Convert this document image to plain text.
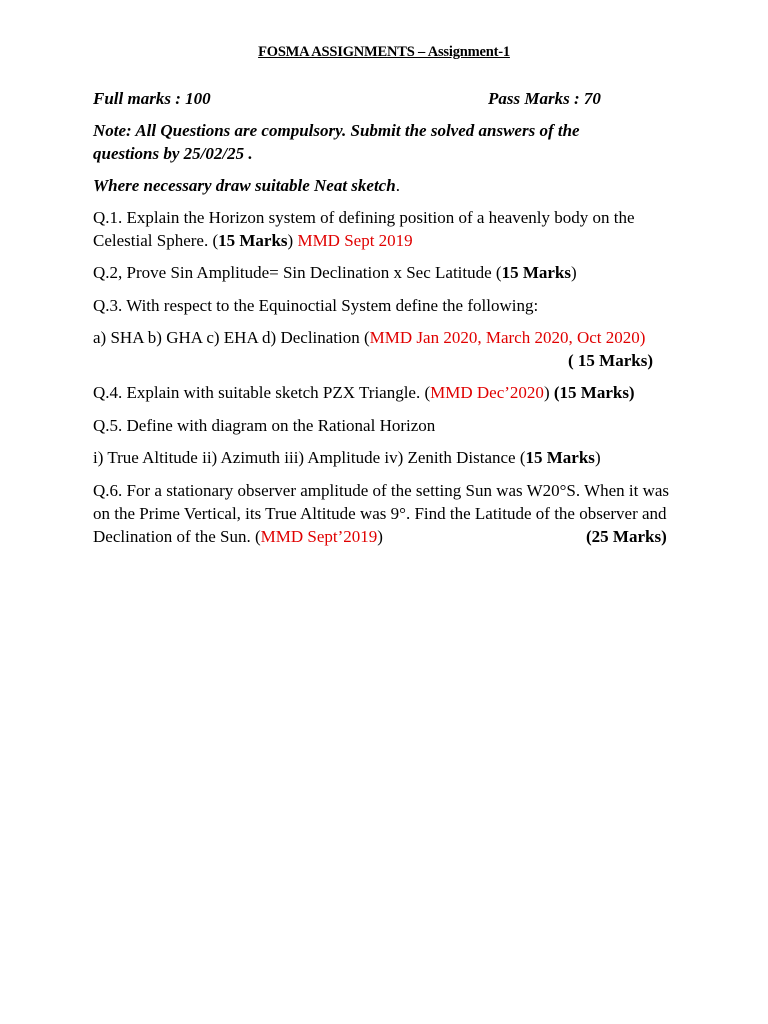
FOSMA ASSIGNMENTS – Assignment-1
Full marks : 100	Pass Marks : 70
Note: All Questions are compulsory. Submit the solved answers of the questions by 25/02/25 .
Where necessary draw suitable Neat sketch.
Q.1. Explain the Horizon system of defining position of a heavenly body on the Celestial Sphere. (15 Marks) MMD Sept 2019
Q.2, Prove Sin Amplitude= Sin Declination x Sec Latitude (15 Marks)
Q.3. With respect to the Equinoctial System define the following:
a) SHA b) GHA c) EHA d) Declination (MMD Jan 2020, March 2020, Oct 2020)
( 15 Marks)
Q.4. Explain with suitable sketch PZX Triangle. (MMD Dec’2020) (15 Marks)
Q.5. Define with diagram on the Rational Horizon
i) True Altitude ii) Azimuth iii) Amplitude iv) Zenith Distance (15 Marks)
Q.6. For a stationary observer amplitude of the setting Sun was W20°S. When it was on the Prime Vertical, its True Altitude was 9°. Find the Latitude of the observer and Declination of the Sun. (MMD Sept’2019)	(25 Marks)
